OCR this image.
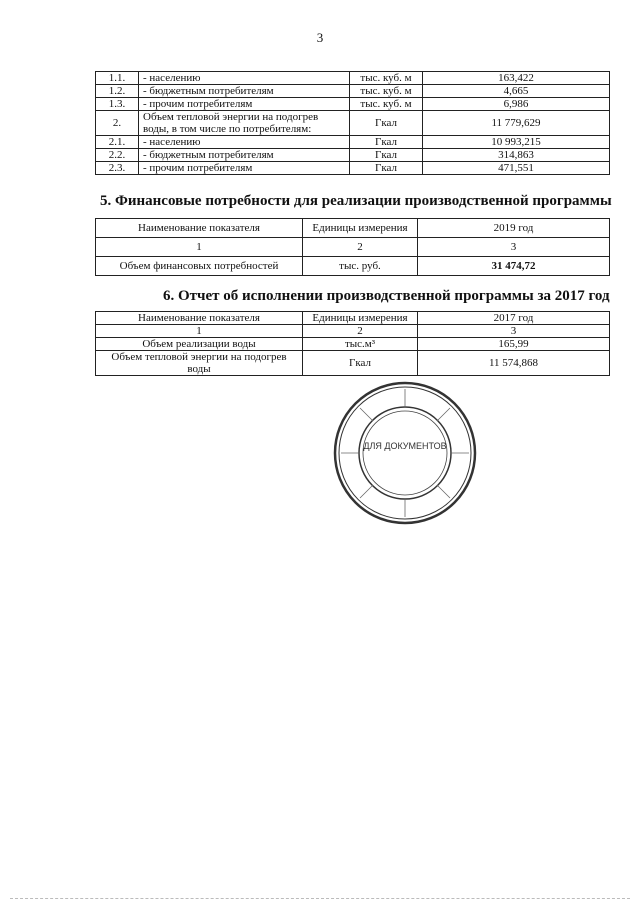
3
1.1.	- населению	тыс. куб. м	163,422
1.2.	- бюджетным потребителям	тыс. куб. м	4,665
1.3.	- прочим потребителям	тыс. куб. м	6,986
2.	Объем тепловой энергии на подогрев воды, в том числе по потребителям:	Гкал	11 779,629
2.1.	- населению	Гкал	10 993,215
2.2.	- бюджетным потребителям	Гкал	314,863
2.3.	- прочим потребителям	Гкал	471,551
5. Финансовые потребности для реализации производственной программы
Наименование показателя	Единицы измерения	2019 год
1	2	3
Объем финансовых потребностей	тыс. руб.	31 474,72
6. Отчет об исполнении производственной программы за 2017 год
Наименование показателя	Единицы измерения	2017 год
1	2	3
Объем реализации воды	тыс.м³	165,99
Объем тепловой энергии на подогрев воды	Гкал	11 574,868
ДЛЯ ДОКУМЕНТОВ
